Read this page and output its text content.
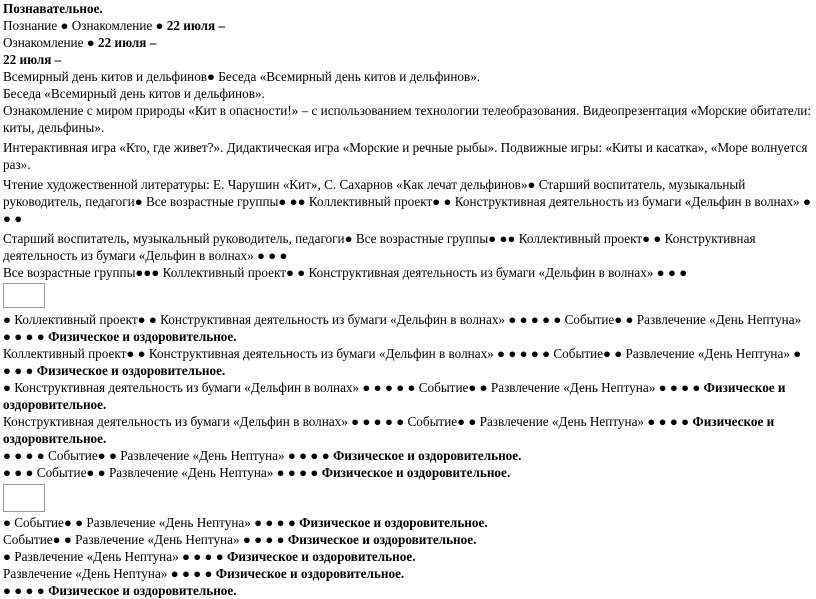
Познавательное.

Познание ● Ознакомление ● 22 июля –

Ознакомление ● 22 июля –

22 июля –

Всемирный день китов и дельфинов● Беседа «Всемирный день китов и дельфинов».

Беседа «Всемирный день китов и дельфинов».

Ознакомление с миром природы «Кит в опасности!» – с использованием технологии телеобразования. Видеопрезентация «Морские обитатели: киты, дельфины».

Интерактивная игра «Кто, где живет?». Дидактическая игра «Морские и речные рыбы». Подвижные игры: «Киты и касатка», «Море волнуется раз».

Чтение художественной литературы: Е. Чарушин «Кит», С. Сахарнов «Как лечат дельфинов»● Старший воспитатель, музыкальный руководитель, педагоги● Все возрастные группы● ●● Коллективный проект● ● Конструктивная деятельность из бумаги «Дельфин в волнах» ● ● ●

Старший воспитатель, музыкальный руководитель, педагоги● Все возрастные группы● ●● Коллективный проект● ● Конструктивная деятельность из бумаги «Дельфин в волнах» ● ● ●

Все возрастные группы●●● Коллективный проект● ● Конструктивная деятельность из бумаги «Дельфин в волнах» ● ● ●

● Коллективный проект● ● Конструктивная деятельность из бумаги «Дельфин в волнах» ● ● ● ● ● Событие● ● Развлечение «День Нептуна» ● ● ● ● Физическое и оздоровительное.

Коллективный проект● ● Конструктивная деятельность из бумаги «Дельфин в волнах» ● ● ● ● ● Событие● ● Развлечение «День Нептуна» ● ● ● ● Физическое и оздоровительное.

● Конструктивная деятельность из бумаги «Дельфин в волнах» ● ● ● ● ● Событие● ● Развлечение «День Нептуна» ● ● ● ● Физическое и оздоровительное.

Конструктивная деятельность из бумаги «Дельфин в волнах» ● ● ● ● ● Событие● ● Развлечение «День Нептуна» ● ● ● ● Физическое и оздоровительное.

● ● ● ● Событие● ● Развлечение «День Нептуна» ● ● ● ● Физическое и оздоровительное.

● ● ● Событие● ● Развлечение «День Нептуна» ● ● ● ● Физическое и оздоровительное.

● Событие● ● Развлечение «День Нептуна» ● ● ● ● Физическое и оздоровительное.

Событие● ● Развлечение «День Нептуна» ● ● ● ● Физическое и оздоровительное.

● Развлечение «День Нептуна» ● ● ● ● Физическое и оздоровительное.

Развлечение «День Нептуна» ● ● ● ● Физическое и оздоровительное.

● ● ● ● Физическое и оздоровительное.
